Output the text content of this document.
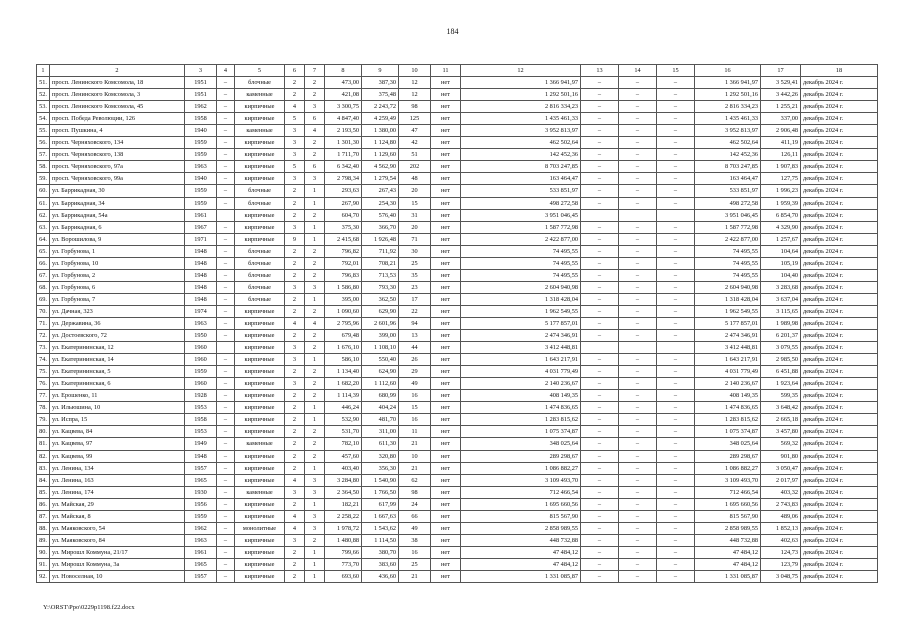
184
1	2	3	4	5	6	7	8	9	10	11	12	13	14	15	16	17	18
51.	просп. Ленинского Комсомола, 18	1951	–	блочные	2	2	473,00	387,30	12	нет	1 366 941,97	–	–	–	1 366 941,97	3 529,41	декабрь 2024 г.
52.	просп. Ленинского Комсомола, 3	1951	–	каменные	2	2	421,08	375,48	12	нет	1 292 501,16	–	–	–	1 292 501,16	3 442,26	декабрь 2024 г.
53.	просп. Ленинского Комсомола, 45	1962	–	кирпичные	4	3	3 300,75	2 243,72	98	нет	2 816 334,23	–	–	–	2 816 334,23	1 255,21	декабрь 2024 г.
54.	просп. Победа Революции, 126	1958	–	кирпичные	5	6	4 847,40	4 259,49	125	нет	1 435 461,33	–	–	–	1 435 461,33	337,00	декабрь 2024 г.
55.	просп. Пушкина, 4	1940	–	каменные	3	4	2 193,50	1 380,00	47	нет	3 952 813,97	–	–	–	3 952 813,97	2 906,48	декабрь 2024 г.
56.	просп. Черняховского, 134	1959	–	кирпичные	3	2	1 301,30	1 124,80	42	нет	462 502,64	–	–	–	462 502,64	411,19	декабрь 2024 г.
57.	просп. Черняховского, 138	1959	–	кирпичные	3	2	1 711,70	1 129,60	51	нет	142 452,36	–	–	–	142 452,36	126,11	декабрь 2024 г.
58.	просп. Черняховского, 97а	1963	–	кирпичные	5	6	6 342,40	4 562,90	202	нет	8 703 247,85	–	–	–	8 703 247,85	1 907,83	декабрь 2024 г.
59.	просп. Черняховского, 99а	1940	–	кирпичные	3	3	2 798,34	1 279,54	48	нет	163 464,47	–	–	–	163 464,47	127,75	декабрь 2024 г.
60.	ул. Баррикадная, 30	1959	–	блочные	2	1	293,63	267,43	20	нет	533 851,97	–	–	–	533 851,97	1 996,23	декабрь 2024 г.
61.	ул. Баррикадная, 34	1959	–	блочные	2	1	267,90	254,30	15	нет	498 272,58	–	–	–	498 272,58	1 959,39	декабрь 2024 г.
62.	ул. Баррикадная, 54а	1961		кирпичные	2	2	604,70	576,40	31	нет	3 951 046,45				3 951 046,45	6 854,70	декабрь 2024 г.
63.	ул. Баррикадная, 6	1967	–	кирпичные	3	1	375,30	366,70	20	нет	1 587 772,98	–	–	–	1 587 772,98	4 329,90	декабрь 2024 г.
64.	ул. Ворошилова, 9	1971	–	кирпичные	9	1	2 415,68	1 926,48	71	нет	2 422 877,00	–	–	–	2 422 877,00	1 257,67	декабрь 2024 г.
65.	ул. Горбунова, 1	1948	–	блочные	2	2	796,82	711,92	30	нет	74 495,55	–	–	–	74 495,55	104,64	декабрь 2024 г.
66.	ул. Горбунова, 10	1948	–	блочные	2	2	792,01	708,21	25	нет	74 495,55	–	–	–	74 495,55	105,19	декабрь 2024 г.
67.	ул. Горбунова, 2	1948	–	блочные	2	2	796,83	713,53	35	нет	74 495,55	–	–	–	74 495,55	104,40	декабрь 2024 г.
68.	ул. Горбунова, 6	1948	–	блочные	3	3	1 586,80	793,30	23	нет	2 604 940,98	–	–	–	2 604 940,98	3 283,68	декабрь 2024 г.
69.	ул. Горбунова, 7	1948	–	блочные	2	1	395,00	362,50	17	нет	1 318 428,04	–	–	–	1 318 428,04	3 637,04	декабрь 2024 г.
70.	ул. Дачная, 323	1974	–	кирпичные	2	2	1 090,60	629,90	22	нет	1 962 549,55	–	–	–	1 962 549,55	3 115,65	декабрь 2024 г.
71.	ул. Державина, 36	1963	–	кирпичные	4	4	2 795,96	2 601,96	94	нет	5 177 857,01	–	–	–	5 177 857,01	1 989,98	декабрь 2024 г.
72.	ул. Достоевского, 72	1950	–	кирпичные	2	2	679,48	399,00	13	нет	2 474 346,91	–	–	–	2 474 346,91	6 201,37	декабрь 2024 г.
73.	ул. Екатерининская, 12	1960		кирпичные	3	2	1 676,10	1 108,10	44	нет	3 412 448,81				3 412 448,81	3 079,55	декабрь 2024 г.
74.	ул. Екатерининская, 14	1960	–	кирпичные	3	1	586,10	550,40	26	нет	1 643 217,91	–	–	–	1 643 217,91	2 985,50	декабрь 2024 г.
75.	ул. Екатерининская, 5	1959	–	кирпичные	2	2	1 134,40	624,90	29	нет	4 031 779,49	–	–	–	4 031 779,49	6 451,88	декабрь 2024 г.
76.	ул. Екатерининская, 6	1960	–	кирпичные	3	2	1 682,20	1 112,60	49	нет	2 140 236,67	–	–	–	2 140 236,67	1 923,64	декабрь 2024 г.
77.	ул. Ерошенко, 11	1928	–	кирпичные	2	2	1 114,39	680,99	16	нет	408 149,35	–	–	–	408 149,35	599,35	декабрь 2024 г.
78.	ул. Ильюшина, 10	1953	–	кирпичные	2	1	446,24	404,24	15	нет	1 474 836,65	–	–	–	1 474 836,65	3 648,42	декабрь 2024 г.
79.	ул. Испра, 15	1958	–	кирпичные	2	1	532,90	481,70	16	нет	1 283 815,62	–	–	–	1 283 815,62	2 665,18	декабрь 2024 г.
80.	ул. Кацвева, 84	1953	–	кирпичные	2	2	531,70	311,00	11	нет	1 075 374,87	–	–	–	1 075 374,87	3 457,80	декабрь 2024 г.
81.	ул. Кацвева, 97	1949	–	каменные	2	2	782,10	611,30	21	нет	348 025,64	–	–	–	348 025,64	569,32	декабрь 2024 г.
82.	ул. Кацвева, 99	1948	–	кирпичные	2	2	457,60	320,80	10	нет	289 298,67	–	–	–	289 298,67	901,80	декабрь 2024 г.
83.	ул. Ленина, 134	1957	–	кирпичные	2	1	403,40	356,30	21	нет	1 086 882,27	–	–	–	1 086 882,27	3 050,47	декабрь 2024 г.
84.	ул. Ленина, 163	1965	–	кирпичные	4	3	3 284,80	1 540,90	62	нет	3 109 493,70	–	–	–	3 109 493,70	2 017,97	декабрь 2024 г.
85.	ул. Ленина, 174	1930	–	каменные	3	3	2 364,50	1 766,50	98	нет	712 466,54	–	–	–	712 466,54	403,32	декабрь 2024 г.
86.	ул. Майская, 29	1956	–	кирпичные	2	1	182,21	617,99	24	нет	1 695 660,56	–	–	–	1 695 660,56	2 743,83	декабрь 2024 г.
87.	ул. Майская, 8	1959	–	кирпичные	4	3	2 258,22	1 667,63	66	нет	815 567,90	–	–	–	815 567,90	489,06	декабрь 2024 г.
88.	ул. Маяковского, 54	1962	–	монолитные	4	3	1 978,72	1 543,62	49	нет	2 858 989,55	–	–	–	2 858 989,55	1 852,13	декабрь 2024 г.
89.	ул. Маяковского, 84	1963	–	кирпичные	3	2	1 480,88	1 114,50	38	нет	448 732,88	–	–	–	448 732,88	402,63	декабрь 2024 г.
90.	ул. Мирошл Коммуна, 21/17	1961	–	кирпичные	2	1	799,66	380,70	16	нет	47 484,12	–	–	–	47 484,12	124,73	декабрь 2024 г.
91.	ул. Мирошл Коммуна, 3а	1965	–	кирпичные	2	1	773,70	383,60	25	нет	47 484,12	–	–	–	47 484,12	123,79	декабрь 2024 г.
92.	ул. Новоселная, 10	1957	–	кирпичные	2	1	693,60	436,60	21	нет	1 331 085,87	–	–	–	1 331 085,87	3 048,75	декабрь 2024 г.
Y:\ORST\Ppo\0229p1198.f22.docx
